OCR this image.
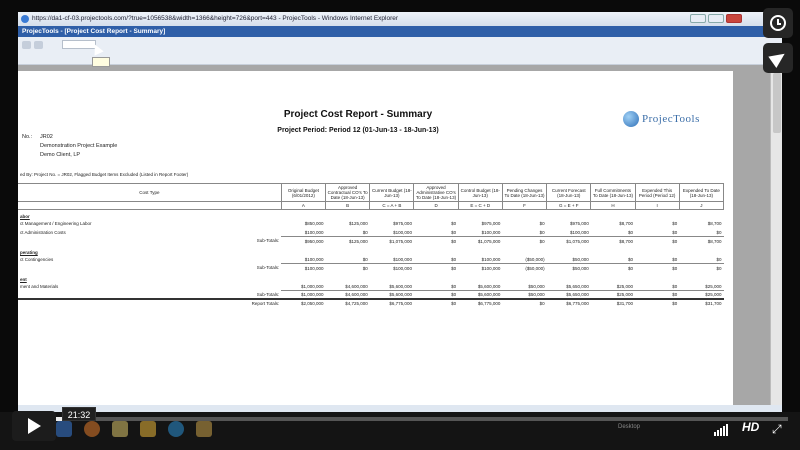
https://da1-cf-03.projectools.com/?true=1056538&width=1366&height=726&port=443 - ProjecTools - Windows Internet Explorer
ProjecTools - [Project Cost Report - Summary]
Project Cost Report - Summary
Project Period: Period 12 (01-Jun-13 - 18-Jun-13)
ProjecTools
No.: JR02
Demonstration Project Example
Demo Client, LP
ed By: Project No. = JR02, Flagged Budget Items Excluded (Listed in Report Footer)
Cost Type	Original Budget (6/01/2012)	Approved Contractual CO's To Date (18-Jun-13)	Current Budget (18-Jun-13)	Approved Administrative CO's To Date (18-Jun-13)	Control Budget (18-Jun-13)	Pending Changes To Date (18-Jun-13)	Current Forecast (18-Jun-13)	Full Commitments To Date (18-Jun-13)	Expended This Period (Period 12)	Expended To Date (18-Jun-13)
	A	B	C = A + B	D	E = C + D	F	G = E + F	H	I	J
abor										
ct Management / Engineering Labor	$850,000	$125,000	$975,000	$0	$975,000	$0	$975,000	$8,700	$0	$8,700
ct Administration Costs	$100,000	$0	$100,000	$0	$100,000	$0	$100,000	$0	$0	$0
Sub-Totals:	$950,000	$125,000	$1,075,000	$0	$1,075,000	$0	$1,075,000	$8,700	$0	$8,700
perating										
ct Contingencies	$100,000	$0	$100,000	$0	$100,000	($50,000)	$50,000	$0	$0	$0
Sub-Totals:	$100,000	$0	$100,000	$0	$100,000	($50,000)	$50,000	$0	$0	$0
ent										
ment and Materials	$1,000,000	$4,600,000	$5,600,000	$0	$5,600,000	$50,000	$5,650,000	$25,000	$0	$25,000
Sub-Totals:	$1,000,000	$4,600,000	$5,600,000	$0	$5,600,000	$50,000	$5,650,000	$25,000	$0	$25,000
Report Totals:	$2,050,000	$4,725,000	$6,775,000	$0	$6,775,000	$0	$6,775,000	$31,700	$0	$31,700
Desktop
21:32
HD ⤢
